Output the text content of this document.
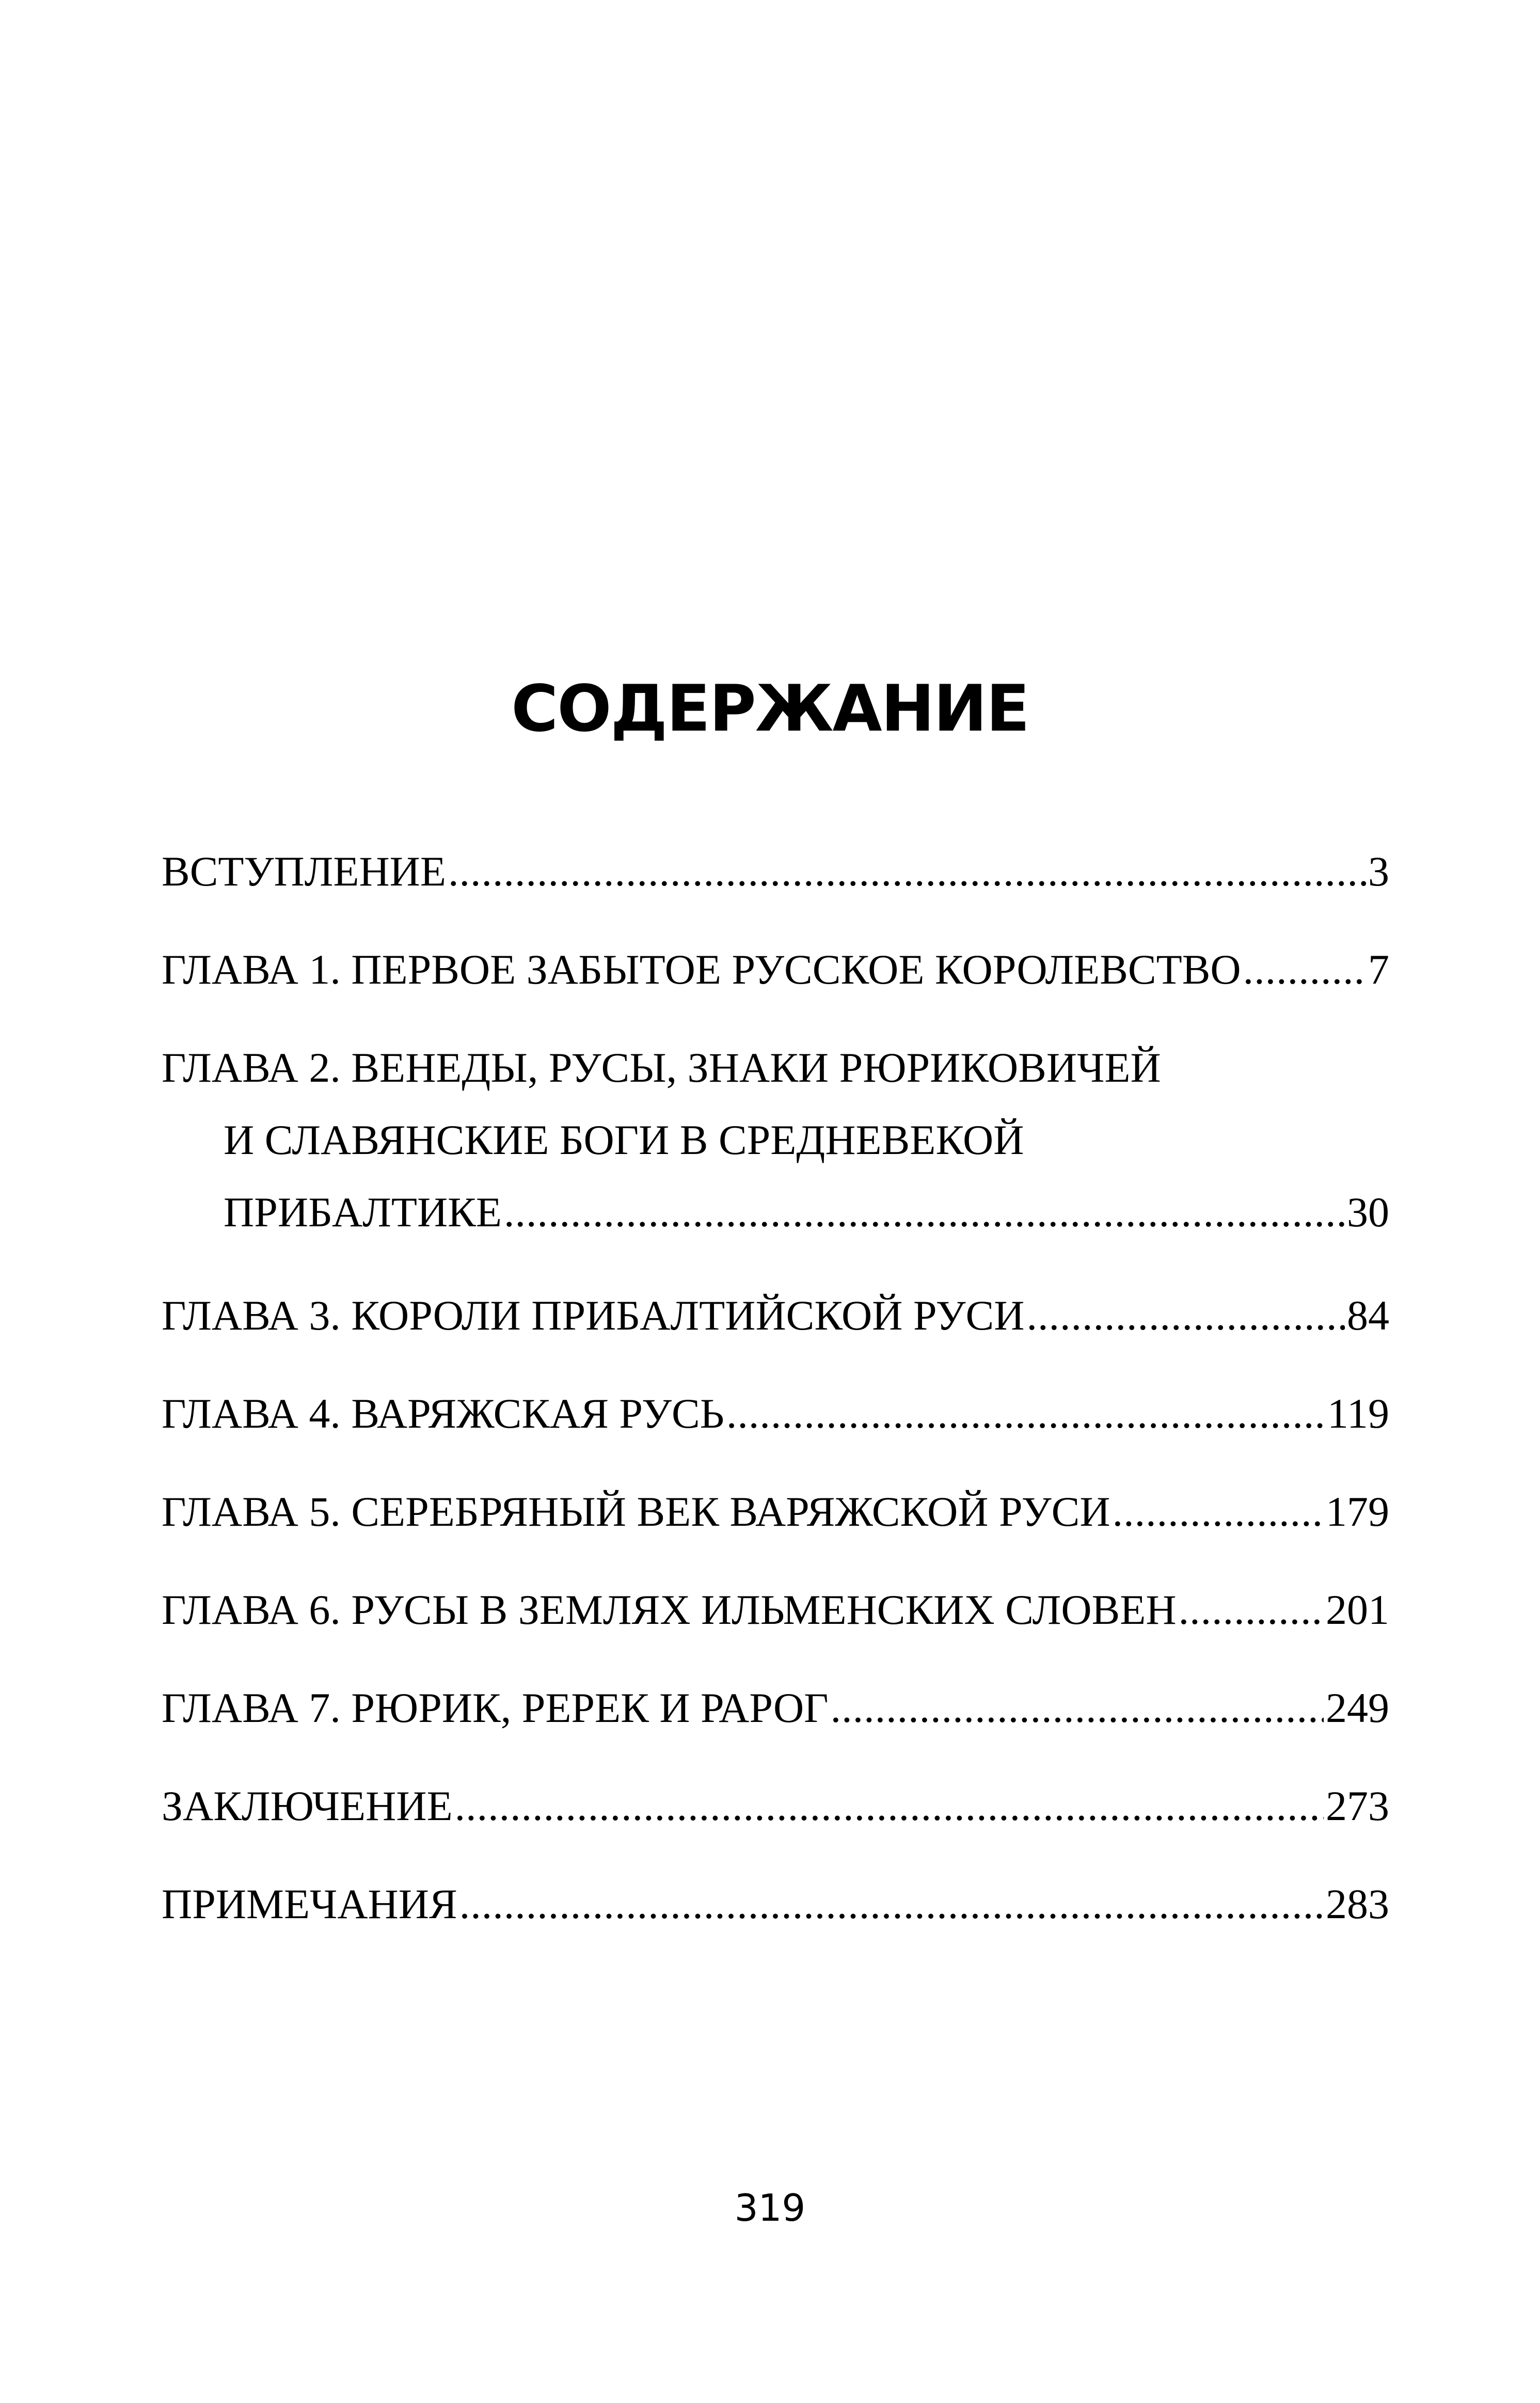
СОДЕРЖАНИЕ
ВСТУПЛЕНИЕ .....	3
ГЛАВА 1. ПЕРВОЕ ЗАБЫТОЕ РУССКОЕ КОРОЛЕВСТВО .....	7
ГЛАВА 2. ВЕНЕДЫ, РУСЫ, ЗНАКИ РЮРИКОВИЧЕЙ
И СЛАВЯНСКИЕ БОГИ В СРЕДНЕВЕКОЙ
ПРИБАЛТИКЕ .....	30
ГЛАВА 3. КОРОЛИ ПРИБАЛТИЙСКОЙ РУСИ .....	84
ГЛАВА 4. ВАРЯЖСКАЯ РУСЬ .....	119
ГЛАВА 5. СЕРЕБРЯНЫЙ ВЕК ВАРЯЖСКОЙ РУСИ .....	179
ГЛАВА 6. РУСЫ В ЗЕМЛЯХ ИЛЬМЕНСКИХ СЛОВЕН .....	201
ГЛАВА 7. РЮРИК, РЕРЕК И РАРОГ .....	249
ЗАКЛЮЧЕНИЕ .....	273
ПРИМЕЧАНИЯ .....	283
319
